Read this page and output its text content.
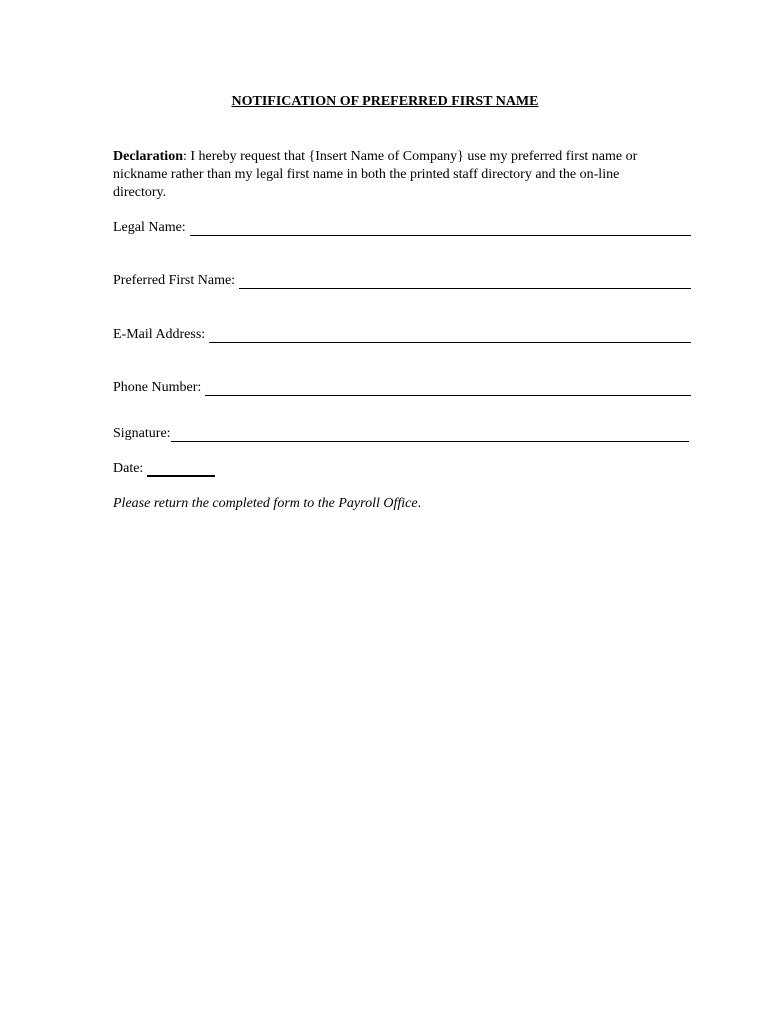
NOTIFICATION OF PREFERRED FIRST NAME

Declaration: I hereby request that {Insert Name of Company} use my preferred first name or nickname rather than my legal first name in both the printed staff directory and the on-line directory.

Legal Name:
Preferred First Name:
E-Mail Address:
Phone Number:
Signature:
Date:
Please return the completed form to the Payroll Office.
